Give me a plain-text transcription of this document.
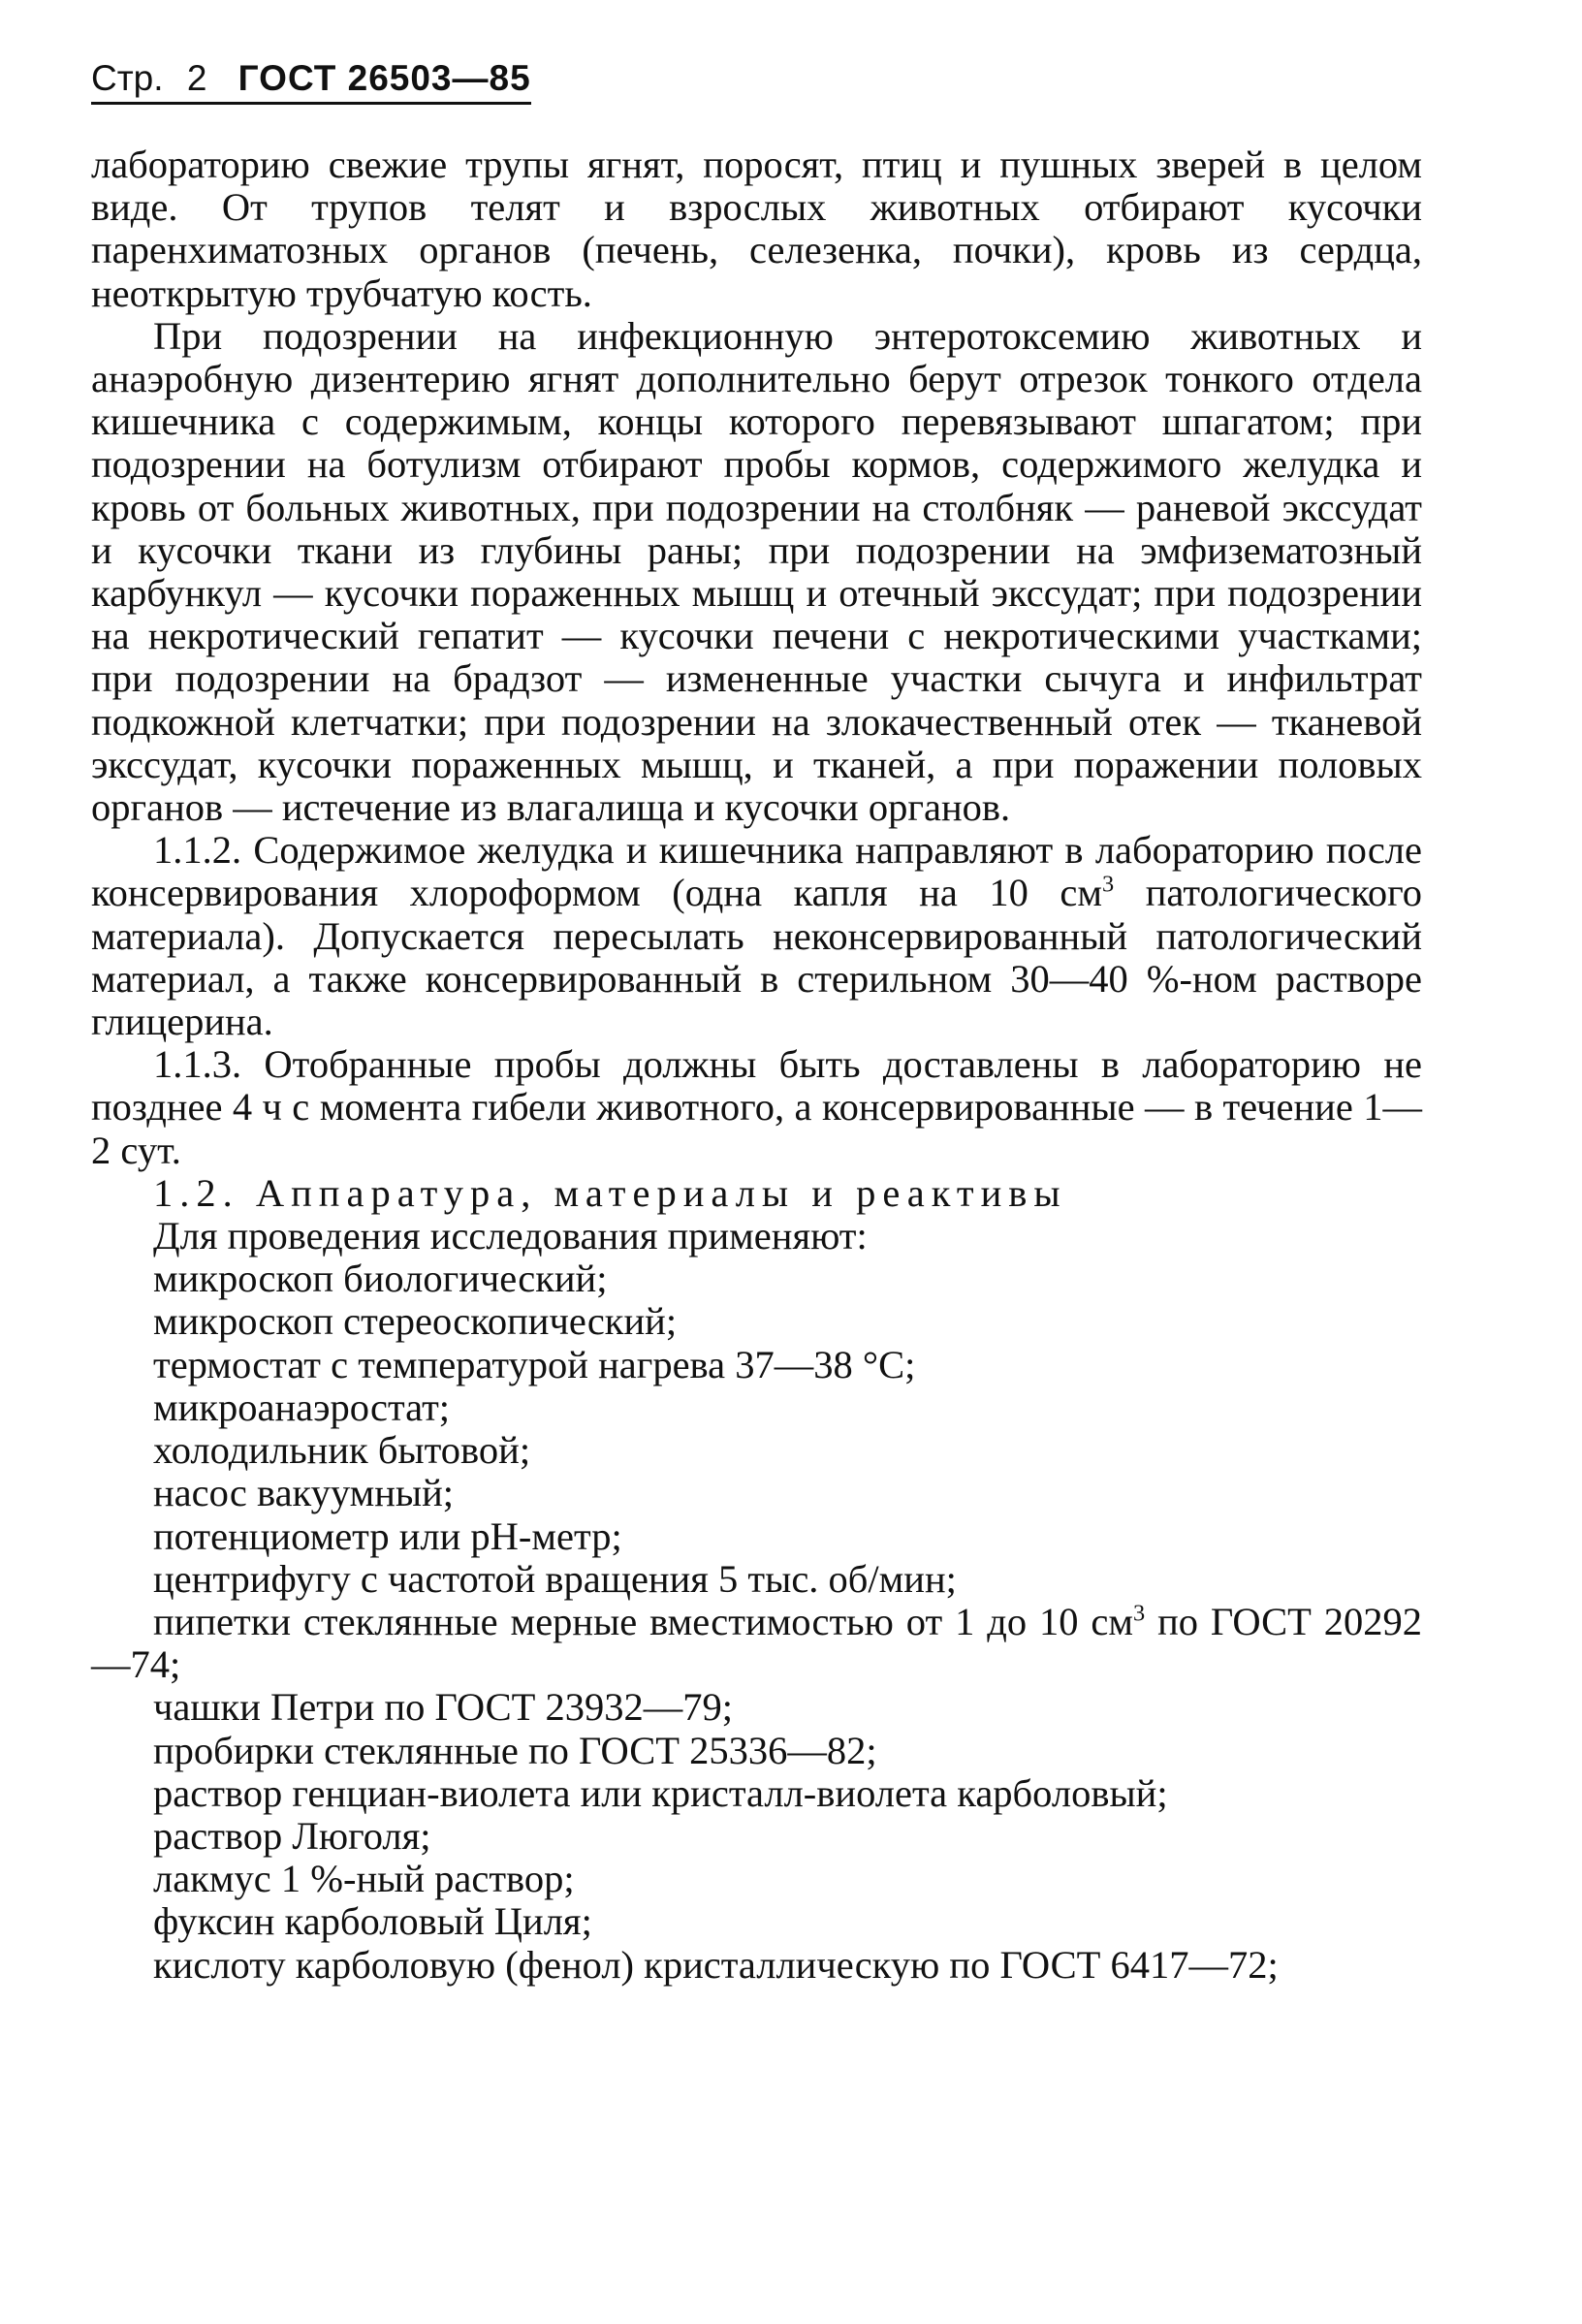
Стр. 2 ГОСТ 26503—85

лабораторию свежие трупы ягнят, поросят, птиц и пушных зверей в целом виде. От трупов телят и взрослых животных отбирают кусочки паренхиматозных органов (печень, селезенка, почки), кровь из сердца, неоткрытую трубчатую кость.

При подозрении на инфекционную энтеротоксемию животных и анаэробную дизентерию ягнят дополнительно берут отрезок тонкого отдела кишечника с содержимым, концы которого перевязывают шпагатом; при подозрении на ботулизм отбирают пробы кормов, содержимого желудка и кровь от больных животных, при подозрении на столбняк — раневой экссудат и кусочки ткани из глубины раны; при подозрении на эмфизематозный карбункул — кусочки пораженных мышц и отечный экссудат; при подозрении на некротический гепатит — кусочки печени с некротическими участками; при подозрении на брадзот — измененные участки сычуга и инфильтрат подкожной клетчатки; при подозрении на злокачественный отек — тканевой экссудат, кусочки пораженных мышц, и тканей, а при поражении половых органов — истечение из влагалища и кусочки органов.

1.1.2. Содержимое желудка и кишечника направляют в лабораторию после консервирования хлороформом (одна капля на 10 $см^3$ патологического материала). Допускается пересылать неконсервированный патологический материал, а также консервированный в стерильном 30—40 %-ном растворе глицерина.

1.1.3. Отобранные пробы должны быть доставлены в лабораторию не позднее 4 ч с момента гибели животного, а консервированные — в течение 1—2 сут.

1.2. Аппаратура, материалы и реактивы

Для проведения исследования применяют:

микроскоп биологический;

микроскоп стереоскопический;

термостат с температурой нагрева 37—38 °С;

микроанаэростат;

холодильник бытовой;

насос вакуумный;

потенциометр или рН-метр;

центрифугу с частотой вращения 5 тыс. об/мин;

пипетки стеклянные мерные вместимостью от 1 до 10 $см^3$ по ГОСТ 20292—74;

чашки Петри по ГОСТ 23932—79;

пробирки стеклянные по ГОСТ 25336—82;

раствор генциан-виолета или кристалл-виолета карболовый;

раствор Люголя;

лакмус 1 %-ный раствор;

фуксин карболовый Циля;

кислоту карболовую (фенол) кристаллическую по ГОСТ 6417—72;
